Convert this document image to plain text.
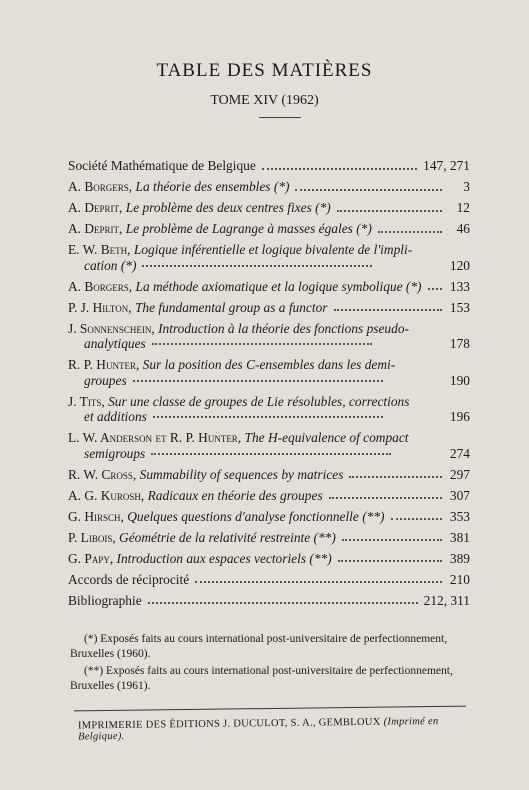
TABLE DES MATIÈRES
TOME XIV (1962)
Société Mathématique de Belgique	147, 271
A. Borgers, La théorie des ensembles (*)	3
A. Deprit, Le problème des deux centres fixes (*)	12
A. Deprit, Le problème de Lagrange à masses égales (*)	46
E. W. Beth, Logique inférentielle et logique bivalente de l'impli-
cation (*)	120
A. Borgers, La méthode axiomatique et la logique symbolique (*) 133
P. J. Hilton, The fundamental group as a functor	153
J. Sonnenschein, Introduction à la théorie des fonctions pseudo-
analytiques	178
R. P. Hunter, Sur la position des C-ensembles dans les demi-
groupes	190
J. Tits, Sur une classe de groupes de Lie résolubles, corrections
et additions	196
L. W. Anderson et R. P. Hunter, The H-equivalence of compact
semigroups	274
R. W. Cross, Summability of sequences by matrices	297
A. G. Kurosh, Radicaux en théorie des groupes	307
G. Hirsch, Quelques questions d'analyse fonctionnelle (**)	353
P. Libois, Géométrie de la relativité restreinte (**)	381
G. Papy, Introduction aux espaces vectoriels (**)	389
Accords de réciprocité	210
Bibliographie	212, 311

(*) Exposés faits au cours international post-universitaire de perfectionnement, Bruxelles (1960).

(**) Exposés faits au cours international post-universitaire de perfectionnement, Bruxelles (1961).

IMPRIMERIE DES ÉDITIONS J. DUCULOT, S. A., GEMBLOUX (Imprimé en Belgique).
